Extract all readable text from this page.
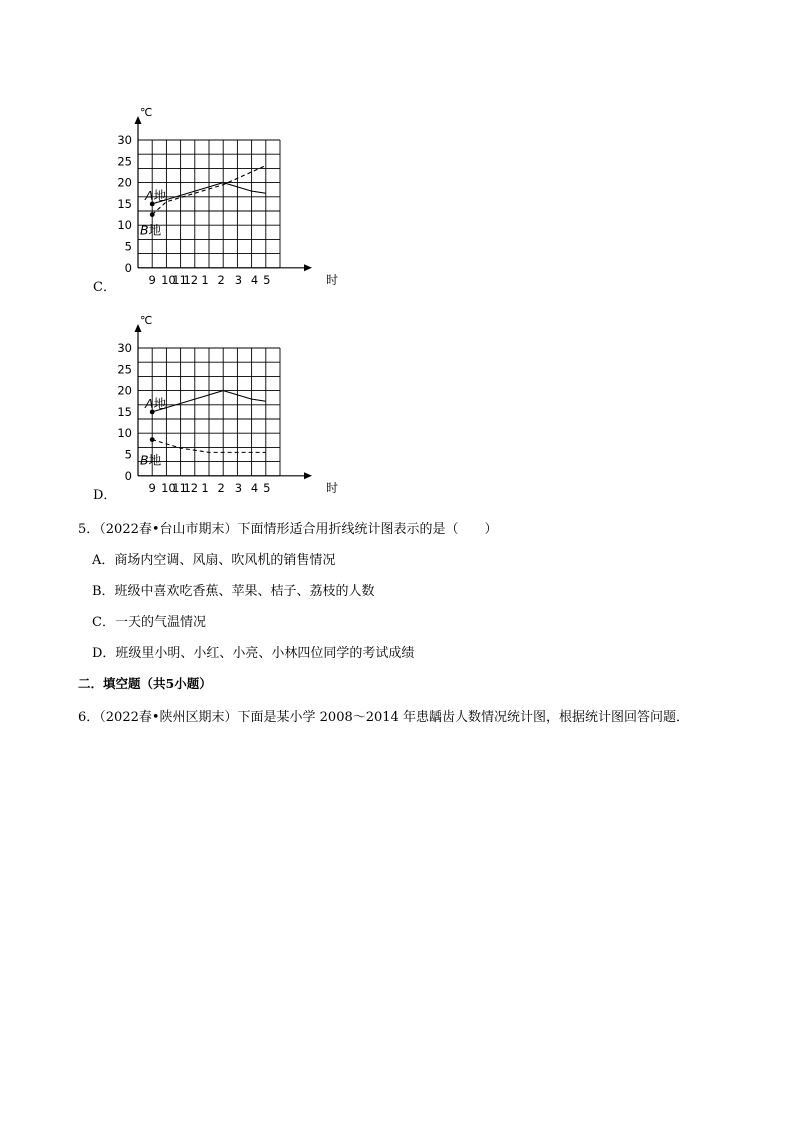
℃
时
0
5
10
15
20
25
30
9 10
11
12 1 2 3 4 5
A地
B地
C．
℃
时
0
5
10
15
20
25
30
9 10
11
12 1 2 3 4 5
A地
B地
D．
5．（2022春•台山市期末）下面情形适合用折线统计图表示的是（　　）
A．商场内空调、风扇、吹风机的销售情况
B．班级中喜欢吃香蕉、苹果、桔子、荔枝的人数
C．一天的气温情况
D．班级里小明、小红、小亮、小林四位同学的考试成绩
二．填空题（共5小题）
6．（2022春•陕州区期末）下面是某小学 2008～2014 年患龋齿人数情况统计图，根据统计图回答问题．
